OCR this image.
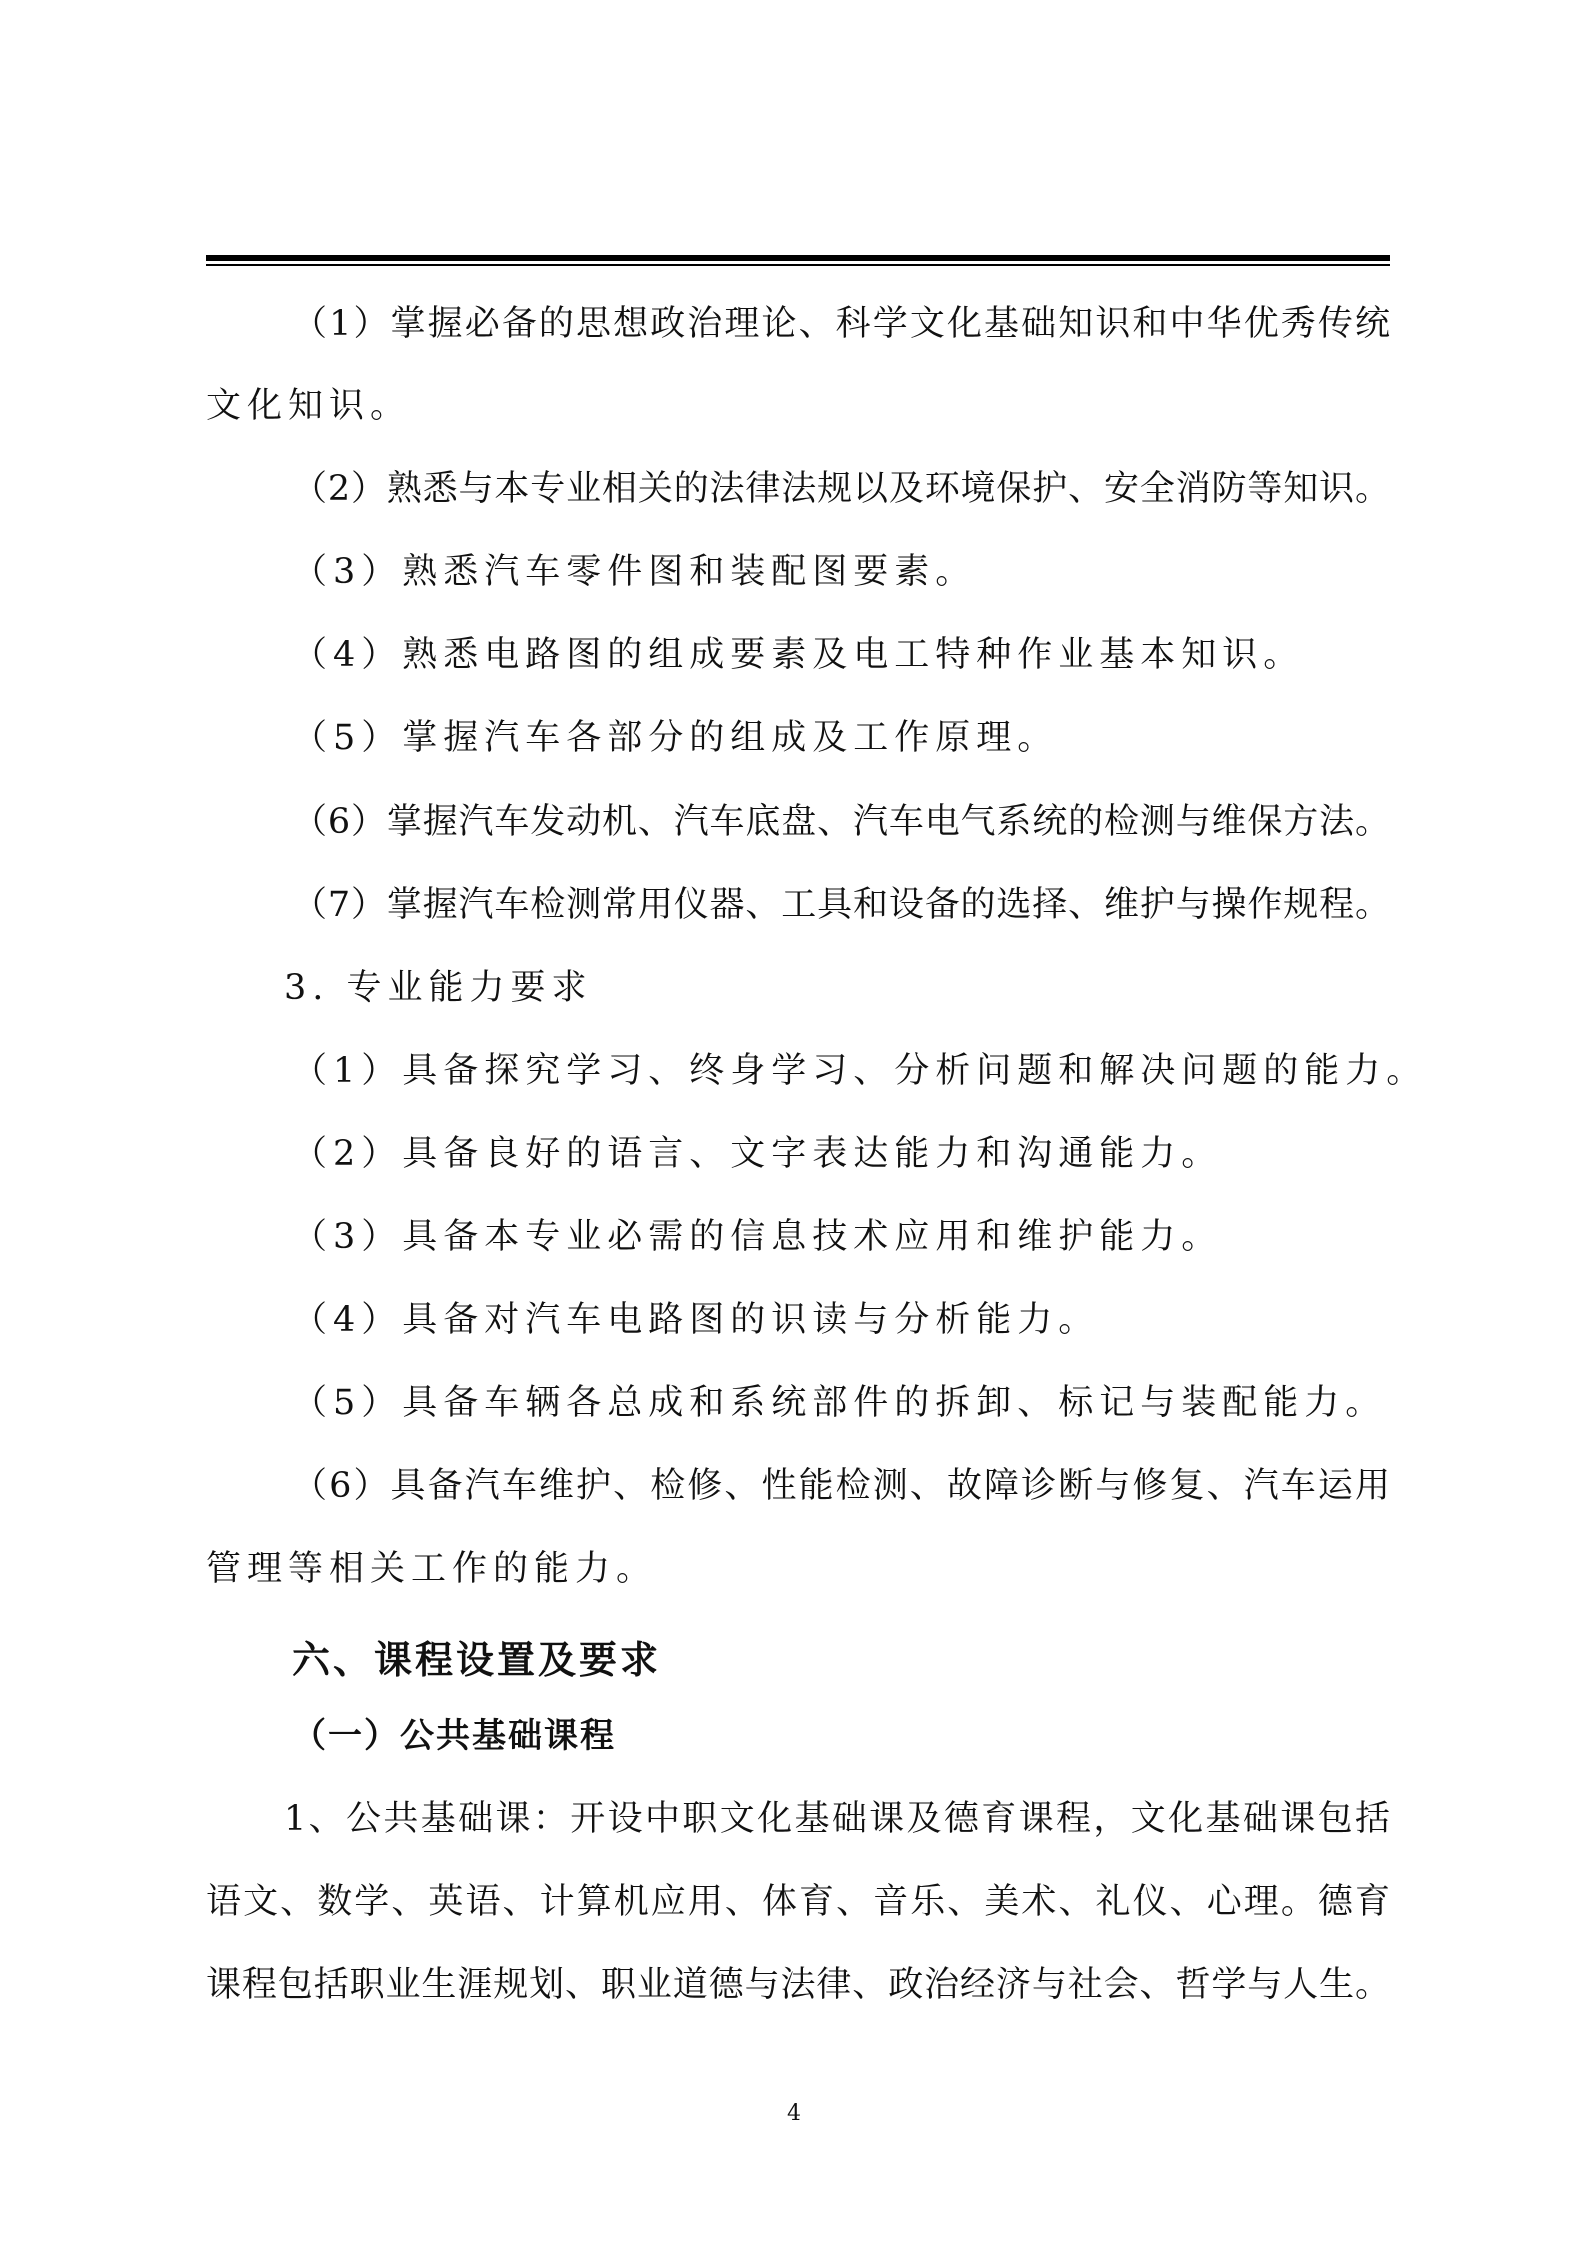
（1）掌握必备的思想政治理论、科学文化基础知识和中华优秀传统
文化知识。
（2）熟悉与本专业相关的法律法规以及环境保护、安全消防等知识。
（3）熟悉汽车零件图和装配图要素。
（4）熟悉电路图的组成要素及电工特种作业基本知识。
（5）掌握汽车各部分的组成及工作原理。
（6）掌握汽车发动机、汽车底盘、汽车电气系统的检测与维保方法。
（7）掌握汽车检测常用仪器、工具和设备的选择、维护与操作规程。
3. 专业能力要求
（1）具备探究学习、终身学习、分析问题和解决问题的能力。
（2）具备良好的语言、文字表达能力和沟通能力。
（3）具备本专业必需的信息技术应用和维护能力。
（4）具备对汽车电路图的识读与分析能力。
（5）具备车辆各总成和系统部件的拆卸、标记与装配能力。
（6）具备汽车维护、检修、性能检测、故障诊断与修复、汽车运用
管理等相关工作的能力。
六、课程设置及要求
（一）公共基础课程
1、公共基础课：开设中职文化基础课及德育课程，文化基础课包括
语文、数学、英语、计算机应用、体育、音乐、美术、礼仪、心理。德育
课程包括职业生涯规划、职业道德与法律、政治经济与社会、哲学与人生。
4
